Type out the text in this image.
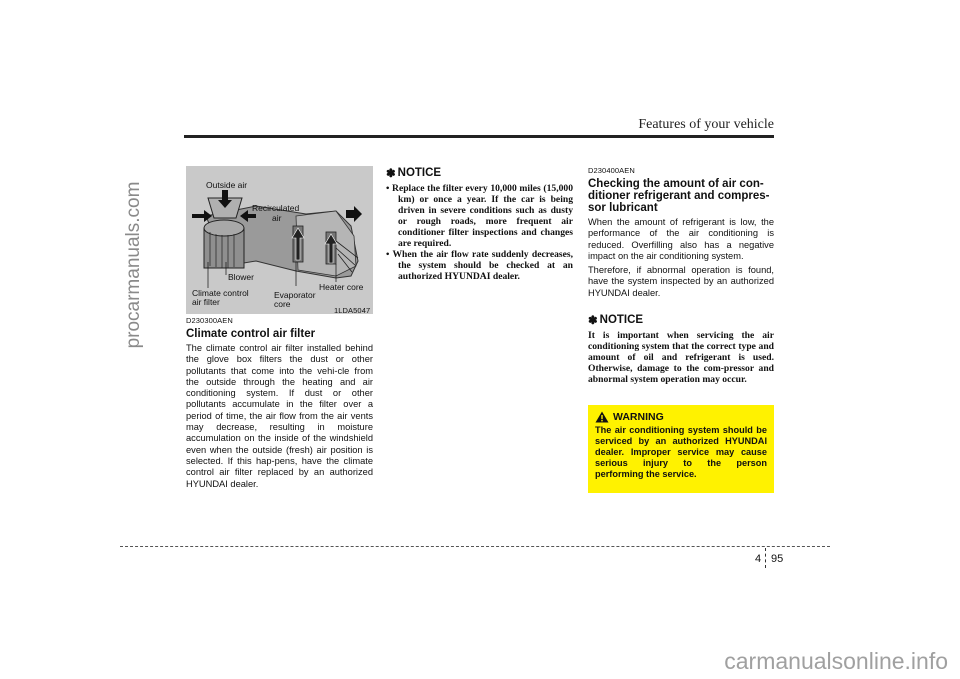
procarmanuals.com
carmanualsonline.info
Features of your vehicle
Outside air
Recirculated
air
Blower
Climate control
air filter
Evaporator
core
Heater core
1LDA5047
D230300AEN
Climate control air filter

The climate control air filter installed behind the glove box filters the dust or other pollutants that come into the vehi-cle from the outside through the heating and air conditioning system. If dust or other pollutants accumulate in the filter over a period of time, the air flow from the air vents may decrease, resulting in moisture accumulation on the inside of the windshield even when the outside (fresh) air position is selected. If this hap-pens, have the climate control air filter replaced by an authorized HYUNDAI dealer.

✽ NOTICE

• Replace the filter every 10,000 miles (15,000 km) or once a year. If the car is being driven in severe conditions such as dusty or rough roads, more frequent air conditioner filter inspections and changes are required.

• When the air flow rate suddenly decreases, the system should be checked at an authorized HYUNDAI dealer.

D230400AEN
Checking the amount of air con-ditioner refrigerant and compres-sor lubricant

When the amount of refrigerant is low, the performance of the air conditioning is reduced. Overfilling also has a negative impact on the air conditioning system.

Therefore, if abnormal operation is found, have the system inspected by an authorized HYUNDAI dealer.

✽ NOTICE

It is important when servicing the air conditioning system that the correct type and amount of oil and refrigerant is used. Otherwise, damage to the com-pressor and abnormal system operation may occur.

WARNING
The air conditioning system should be serviced by an authorized HYUNDAI dealer. Improper service may cause serious injury to the person performing the service.
4 95
